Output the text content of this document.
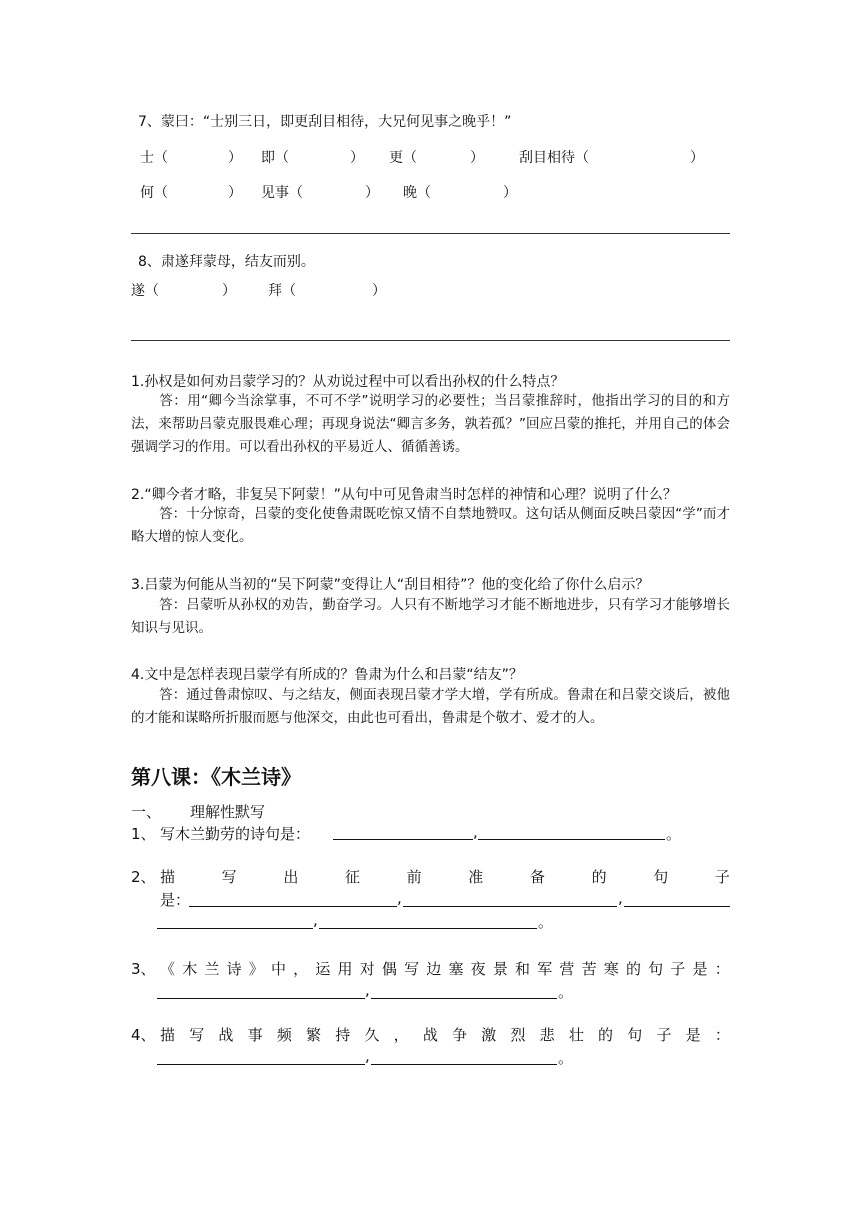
7、蒙曰：“士别三日，即更刮目相待，大兄何见事之晚乎！”
士（	） 即（	） 更（	）	刮目相待（	）
何（	） 见事（	） 晚（	）
8、肃遂拜蒙母，结友而别。
遂（	） 拜（	）
1.孙权是如何劝吕蒙学习的？从劝说过程中可以看出孙权的什么特点？
答：用“卿今当涂掌事，不可不学”说明学习的必要性；当吕蒙推辞时，他指出学习的目的和方法，来帮助吕蒙克服畏难心理；再现身说法“卿言多务，孰若孤？”回应吕蒙的推托，并用自己的体会强调学习的作用。可以看出孙权的平易近人、循循善诱。
2.“卿今者才略，非复吴下阿蒙！”从句中可见鲁肃当时怎样的神情和心理？说明了什么？
答：十分惊奇，吕蒙的变化使鲁肃既吃惊又情不自禁地赞叹。这句话从侧面反映吕蒙因“学”而才略大增的惊人变化。
3.吕蒙为何能从当初的“吴下阿蒙”变得让人“刮目相待”？他的变化给了你什么启示？
答：吕蒙听从孙权的劝告，勤奋学习。人只有不断地学习才能不断地进步，只有学习才能够增长知识与见识。
4.文中是怎样表现吕蒙学有所成的？鲁肃为什么和吕蒙“结友”？
答：通过鲁肃惊叹、与之结友，侧面表现吕蒙才学大增，学有所成。鲁肃在和吕蒙交谈后，被他的才能和谋略所折服而愿与他深交，由此也可看出，鲁肃是个敬才、爱才的人。
第八课：《木兰诗》
一、 理解性默写
1、 写木兰勤劳的诗句是：	,	。
2、 描	写	出	征	前	准	备	的	句	子
是：	,	,
,	。
3、 《 木 兰 诗 》 中 ， 运 用 对 偶 写 边 塞 夜 景 和 军 营 苦 寒 的 句 子 是 ：
,	。
4、 描 写 战 事 频 繁 持 久 ， 战 争 激 烈 悲 壮 的 句 子 是 ：
,	。
